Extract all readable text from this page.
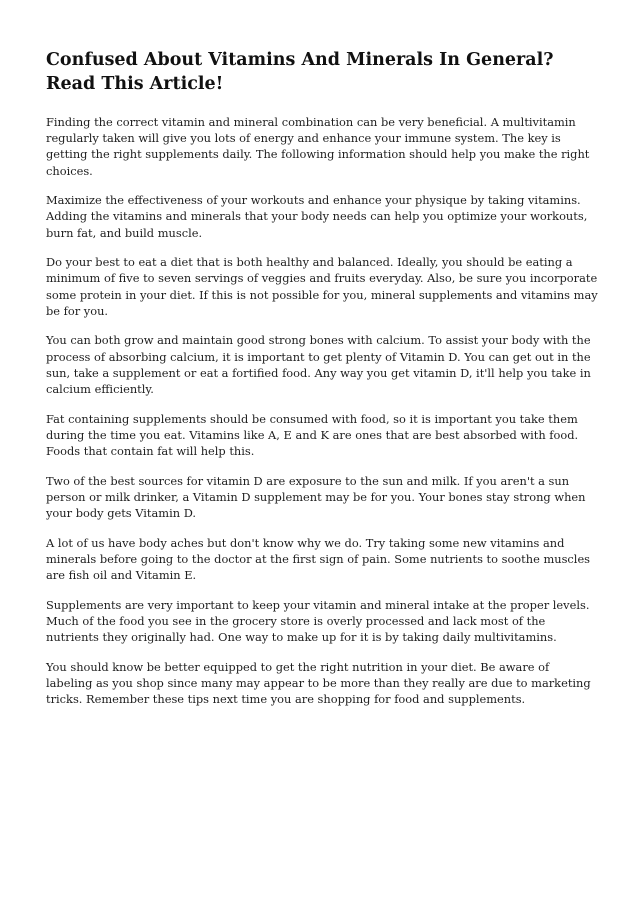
Confused About Vitamins And Minerals In General? Read This Article!

Finding the correct vitamin and mineral combination can be very beneficial. A multivitamin regularly taken will give you lots of energy and enhance your immune system. The key is getting the right supplements daily. The following information should help you make the right choices.

Maximize the effectiveness of your workouts and enhance your physique by taking vitamins. Adding the vitamins and minerals that your body needs can help you optimize your workouts, burn fat, and build muscle.

Do your best to eat a diet that is both healthy and balanced. Ideally, you should be eating a minimum of five to seven servings of veggies and fruits everyday. Also, be sure you incorporate some protein in your diet. If this is not possible for you, mineral supplements and vitamins may be for you.

You can both grow and maintain good strong bones with calcium. To assist your body with the process of absorbing calcium, it is important to get plenty of Vitamin D. You can get out in the sun, take a supplement or eat a fortified food. Any way you get vitamin D, it'll help you take in calcium efficiently.

Fat containing supplements should be consumed with food, so it is important you take them during the time you eat. Vitamins like A, E and K are ones that are best absorbed with food. Foods that contain fat will help this.

Two of the best sources for vitamin D are exposure to the sun and milk. If you aren't a sun person or milk drinker, a Vitamin D supplement may be for you. Your bones stay strong when your body gets Vitamin D.

A lot of us have body aches but don't know why we do. Try taking some new vitamins and minerals before going to the doctor at the first sign of pain. Some nutrients to soothe muscles are fish oil and Vitamin E.

Supplements are very important to keep your vitamin and mineral intake at the proper levels. Much of the food you see in the grocery store is overly processed and lack most of the nutrients they originally had. One way to make up for it is by taking daily multivitamins.

You should know be better equipped to get the right nutrition in your diet. Be aware of labeling as you shop since many may appear to be more than they really are due to marketing tricks. Remember these tips next time you are shopping for food and supplements.
